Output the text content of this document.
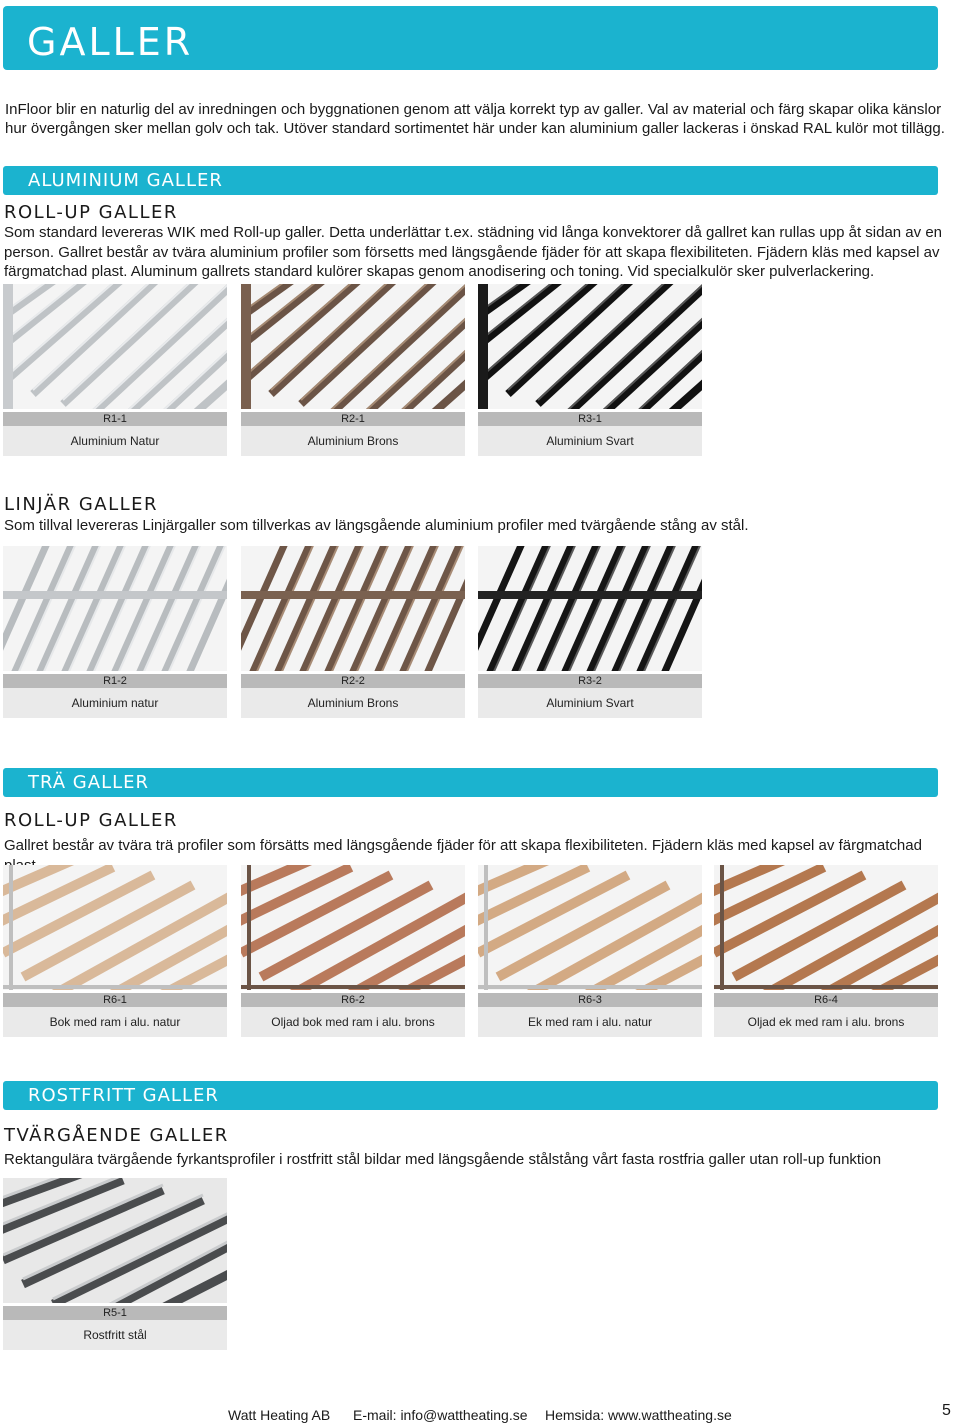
GALLER
InFloor blir en naturlig del av inredningen och byggnationen genom att välja korrekt typ av galler. Val av material och färg skapar olika känslor hur övergången sker mellan golv och tak. Utöver standard sortimentet här under kan aluminium galler lackeras i önskad RAL kulör mot tillägg.
ALUMINIUM GALLER
ROLL-UP GALLER
Som standard levereras WIK med Roll-up galler. Detta underlättar t.ex. städning vid långa konvektorer då gallret kan rullas upp åt sidan av en person. Gallret består av tvära aluminium profiler som försetts med längsgående fjäder för att skapa flexibiliteten. Fjädern kläs med kapsel av färgmatchad plast. Aluminum gallrets standard kulörer skapas genom anodisering och toning. Vid specialkulör sker pulverlackering.
R1-1
Aluminium Natur
R2-1
Aluminium Brons
R3-1
Aluminium Svart
LINJÄR GALLER
Som tillval levereras Linjärgaller som tillverkas av längsgående aluminium profiler med tvärgående stång av stål.
R1-2
Aluminium natur
R2-2
Aluminium Brons
R3-2
Aluminium Svart
TRÄ GALLER
ROLL-UP GALLER
Gallret består av tvära trä profiler som försätts med längsgående fjäder för att skapa flexibiliteten. Fjädern kläs med kapsel av färgmatchad
R6-1
Bok med ram i alu. natur
R6-2
Oljad bok med ram i alu. brons
R6-3
Ek med ram i alu. natur
R6-4
Oljad ek med ram i alu. brons
ROSTFRITT GALLER
TVÄRGÅENDE GALLER
Rektangulära tvärgående fyrkantsprofiler i rostfritt stål bildar med längsgående stålstång vårt fasta rostfria galler utan roll-up funktion
R5-1
Rostfritt stål
Watt Heating AB E-mail: info@wattheating.se Hemsida: www.wattheating.se	5
